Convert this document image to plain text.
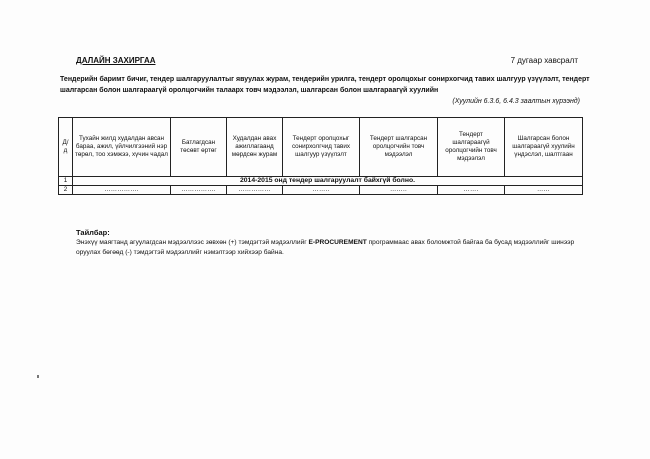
ДАЛАЙН ЗАХИРГАА	7 дугаар хавсралт
Тендерийн баримт бичиг, тендер шалгаруулалтыг явуулах журам, тендерийн урилга, тендерт оролцохыг сонирхогчид тавих шалгуур үзүүлэлт, тендерт шалгарсан болон шалгараагүй оролцогчийн талаарх товч мэдээлэл, шалгарсан болон шалгараагүй хуулийн
(Хуулийн 6.3.6, 6.4.3 заалтын хүрээнд)
Д/д	Тухайн жилд худалдан авсан бараа, ажил, үйлчилгээний нэр төрөл, тоо хэмжээ, хүчин чадал	Батлагдсан төсөвт өртөг	Худалдан авах ажиллагаанд мөрдсөн журам	Тендерт оролцохыг сонирхолгчид тавих шалгуур үзүүлэлт	Тендерт шалгарсан оролцогчийн товч мэдээлэл	Тендерт шалгараагүй оролцогчийн товч мэдээлэл	Шалгарсан болон шалгараагүй хуулийн үндэслэл, шалтгаан
1	2014-2015 онд тендер шалгаруулалт байхгүй болно.						
2	…………….	…………….	……………	……..	……..	…….	……
Тайлбар:
Энэхүү маягтанд агуулагдсан мэдээллээс зөвхөн (+) тэмдэгтэй мэдээллийг E-PROCUREMENT программаас авах боломжтой байгаа ба бусад мэдээллийг шинээр оруулах бөгөөд (-) тэмдэгтэй мэдээллийг нэмэлтээр хийхээр байна.
